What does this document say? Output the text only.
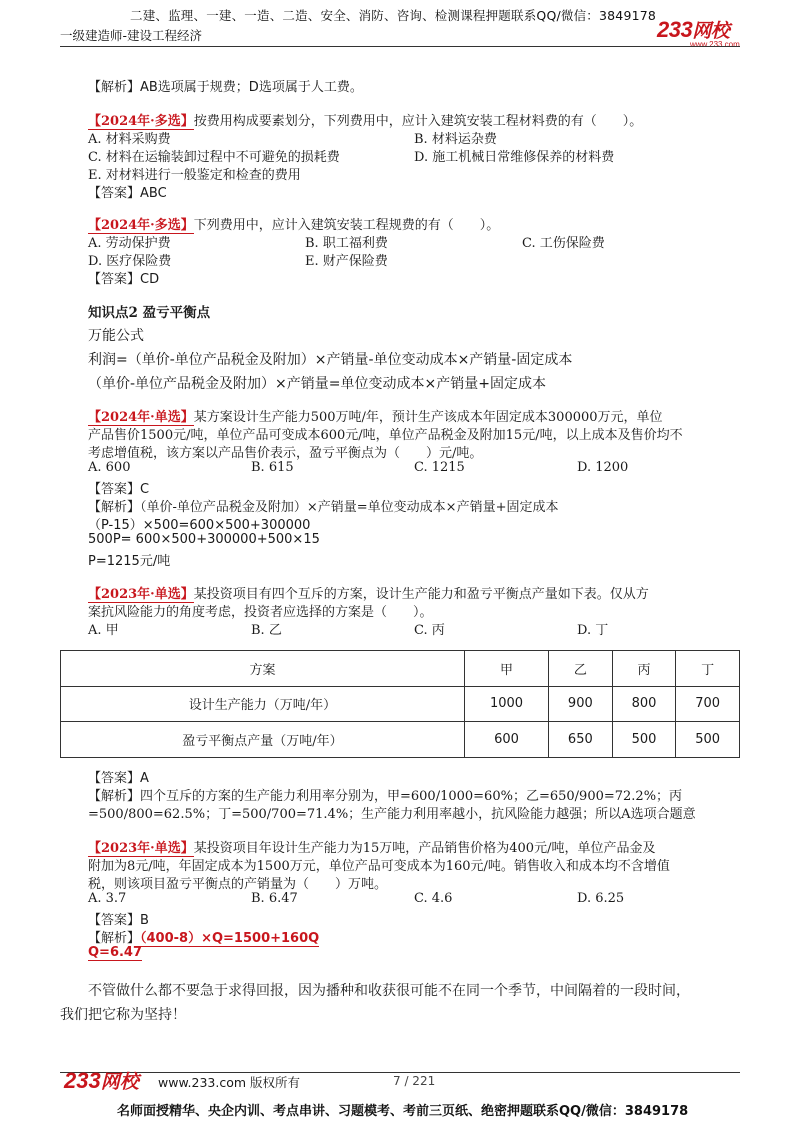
二建、监理、一建、一造、二造、安全、消防、咨询、检测课程押题联系QQ/微信：3849178
一级建造师-建设工程经济	233网校
www.233.com
【解析】AB选项属于规费；D选项属于人工费。
【2024年·多选】按费用构成要素划分，下列费用中，应计入建筑安装工程材料费的有（　　）。
A. 材料采购费	B. 材料运杂费
C. 材料在运输装卸过程中不可避免的损耗费	D. 施工机械日常维修保养的材料费
E. 对材料进行一般鉴定和检查的费用
【答案】ABC
【2024年·多选】下列费用中，应计入建筑安装工程规费的有（　　）。
A. 劳动保护费	B. 职工福利费	C. 工伤保险费
D. 医疗保险费	E. 财产保险费
【答案】CD
知识点2 盈亏平衡点
万能公式
利润=（单价-单位产品税金及附加）×产销量-单位变动成本×产销量-固定成本
（单价-单位产品税金及附加）×产销量=单位变动成本×产销量+固定成本
【2024年·单选】某方案设计生产能力500万吨/年，预计生产该成本年固定成本300000万元，单位
产品售价1500元/吨，单位产品可变成本600元/吨，单位产品税金及附加15元/吨，以上成本及售价均不
考虑增值税，该方案以产品售价表示，盈亏平衡点为（　　）元/吨。
A. 600	B. 615	C. 1215	D. 1200
【答案】C
【解析】（单价-单位产品税金及附加）×产销量=单位变动成本×产销量+固定成本
（P-15）×500=600×500+300000
500P= 600×500+300000+500×15
P=1215元/吨
【2023年·单选】某投资项目有四个互斥的方案，设计生产能力和盈亏平衡点产量如下表。仅从方
案抗风险能力的角度考虑，投资者应选择的方案是（　　）。
A. 甲	B. 乙	C. 丙	D. 丁
方案	甲	乙	丙	丁
设计生产能力（万吨/年）	1000	900	800	700
盈亏平衡点产量（万吨/年）	600	650	500	500
【答案】A
【解析】四个互斥的方案的生产能力利用率分别为，甲=600/1000=60%；乙=650/900=72.2%；丙
=500/800=62.5%；丁=500/700=71.4%；生产能力利用率越小，抗风险能力越强；所以A选项合题意
【2023年·单选】某投资项目年设计生产能力为15万吨，产品销售价格为400元/吨，单位产品金及
附加为8元/吨，年固定成本为1500万元，单位产品可变成本为160元/吨。销售收入和成本均不含增值
税，则该项目盈亏平衡点的产销量为（　　）万吨。
A. 3.7	B. 6.47	C. 4.6	D. 6.25
【答案】B
【解析】（400-8）×Q=1500+160Q
Q=6.47
不管做什么都不要急于求得回报，因为播种和收获很可能不在同一个季节，中间隔着的一段时间，
我们把它称为坚持！
233网校 www.233.com 版权所有	7 / 221
名师面授精华、央企内训、考点串讲、习题模考、考前三页纸、绝密押题联系QQ/微信：3849178
